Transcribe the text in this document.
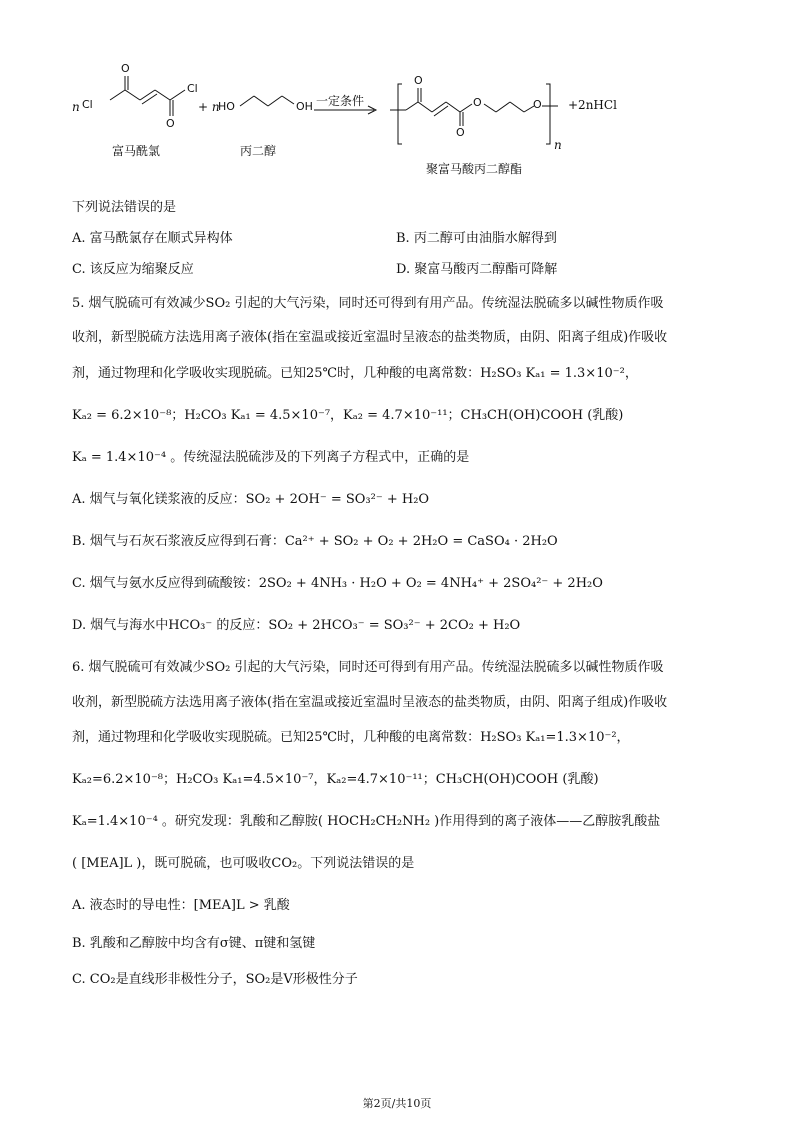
n Cl
O
Cl
O
富马酰氯
+ n
HO	OH
丙二醇
一定条件
O
O
O	O
n
+2nHCl
聚富马酸丙二醇酯
下列说法错误的是
A. 富马酰氯存在顺式异构体	B. 丙二醇可由油脂水解得到
C. 该反应为缩聚反应	D. 聚富马酸丙二醇酯可降解
5. 烟气脱硫可有效减少SO₂ 引起的大气污染，同时还可得到有用产品。传统湿法脱硫多以碱性物质作吸
收剂，新型脱硫方法选用离子液体(指在室温或接近室温时呈液态的盐类物质，由阴、阳离子组成)作吸收
剂，通过物理和化学吸收实现脱硫。已知25℃时，几种酸的电离常数：H₂SO₃ Kₐ₁ = 1.3×10⁻²，
Kₐ₂ = 6.2×10⁻⁸；H₂CO₃ Kₐ₁ = 4.5×10⁻⁷，Kₐ₂ = 4.7×10⁻¹¹；CH₃CH(OH)COOH (乳酸)
Kₐ = 1.4×10⁻⁴ 。传统湿法脱硫涉及的下列离子方程式中，正确的是
A. 烟气与氧化镁浆液的反应：SO₂ + 2OH⁻ = SO₃²⁻ + H₂O
B. 烟气与石灰石浆液反应得到石膏：Ca²⁺ + SO₂ + O₂ + 2H₂O = CaSO₄ · 2H₂O
C. 烟气与氨水反应得到硫酸铵：2SO₂ + 4NH₃ · H₂O + O₂ = 4NH₄⁺ + 2SO₄²⁻ + 2H₂O
D. 烟气与海水中HCO₃⁻ 的反应：SO₂ + 2HCO₃⁻ = SO₃²⁻ + 2CO₂ + H₂O
6. 烟气脱硫可有效减少SO₂ 引起的大气污染，同时还可得到有用产品。传统湿法脱硫多以碱性物质作吸
收剂，新型脱硫方法选用离子液体(指在室温或接近室温时呈液态的盐类物质，由阴、阳离子组成)作吸收
剂，通过物理和化学吸收实现脱硫。已知25℃时，几种酸的电离常数：H₂SO₃ Kₐ₁=1.3×10⁻²，
Kₐ₂=6.2×10⁻⁸；H₂CO₃ Kₐ₁=4.5×10⁻⁷，Kₐ₂=4.7×10⁻¹¹；CH₃CH(OH)COOH (乳酸)
Kₐ=1.4×10⁻⁴ 。研究发现：乳酸和乙醇胺( HOCH₂CH₂NH₂ )作用得到的离子液体——乙醇胺乳酸盐
( [MEA]L )，既可脱硫，也可吸收CO₂。下列说法错误的是
A. 液态时的导电性：[MEA]L > 乳酸
B. 乳酸和乙醇胺中均含有σ键、π键和氢键
C. CO₂是直线形非极性分子，SO₂是V形极性分子
第2页/共10页
